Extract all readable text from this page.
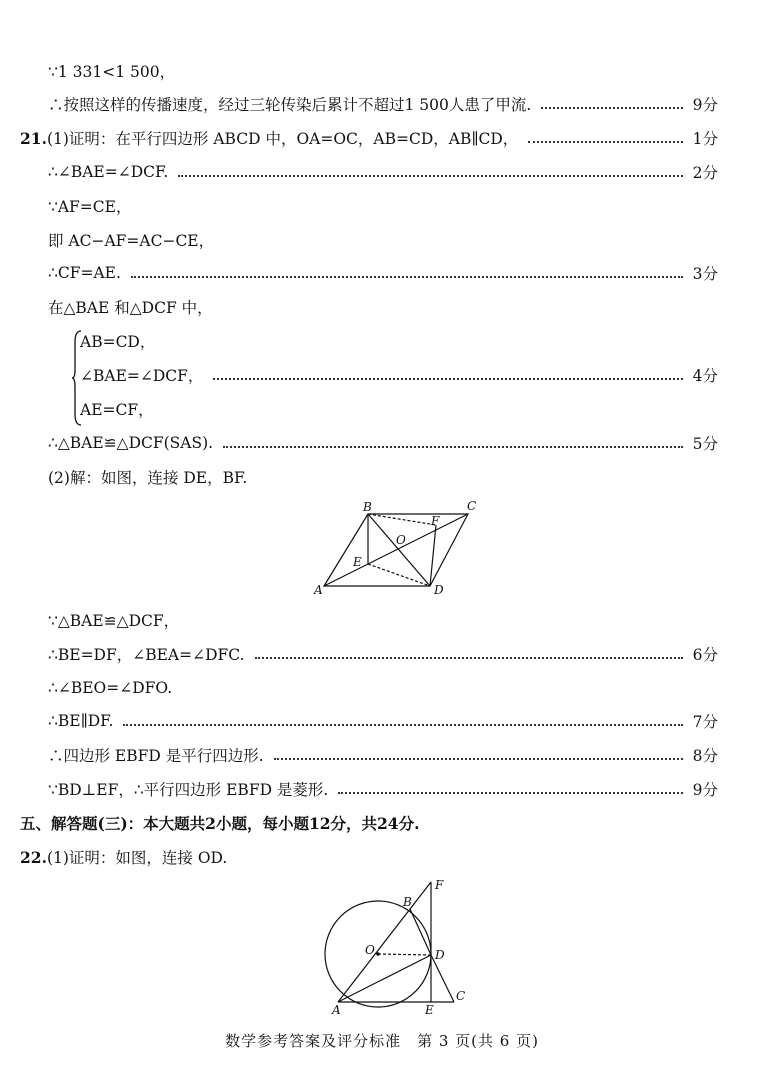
∵1 331<1 500，
∴按照这样的传播速度，经过三轮传染后累计不超过1 500人患了甲流.	9分
21. (1)证明：在平行四边形 ABCD 中，OA=OC，AB=CD，AB∥CD，	1分
∴∠BAE=∠DCF.	2分
∵AF=CE，
即 AC−AF=AC−CE，
∴CF=AE.	3分
在△BAE 和△DCF 中，
AB=CD，
∠BAE=∠DCF，	4分
AE=CF，
∴△BAE≌△DCF(SAS).	5分
(2)解：如图，连接 DE，BF.
B	C
F
O
E
A	D
∵△BAE≌△DCF，
∴BE=DF，∠BEA=∠DFC.	6分
∴∠BEO=∠DFO.
∴BE∥DF.	7分
∴四边形 EBFD 是平行四边形.	8分
∵BD⊥EF，∴平行四边形 EBFD 是菱形.	9分
五、解答题(三)：本大题共2小题，每小题12分，共24分.
22. (1)证明：如图，连接 OD.
F
B
O	D
A	E
C
数学参考答案及评分标准　第 3 页(共 6 页)
